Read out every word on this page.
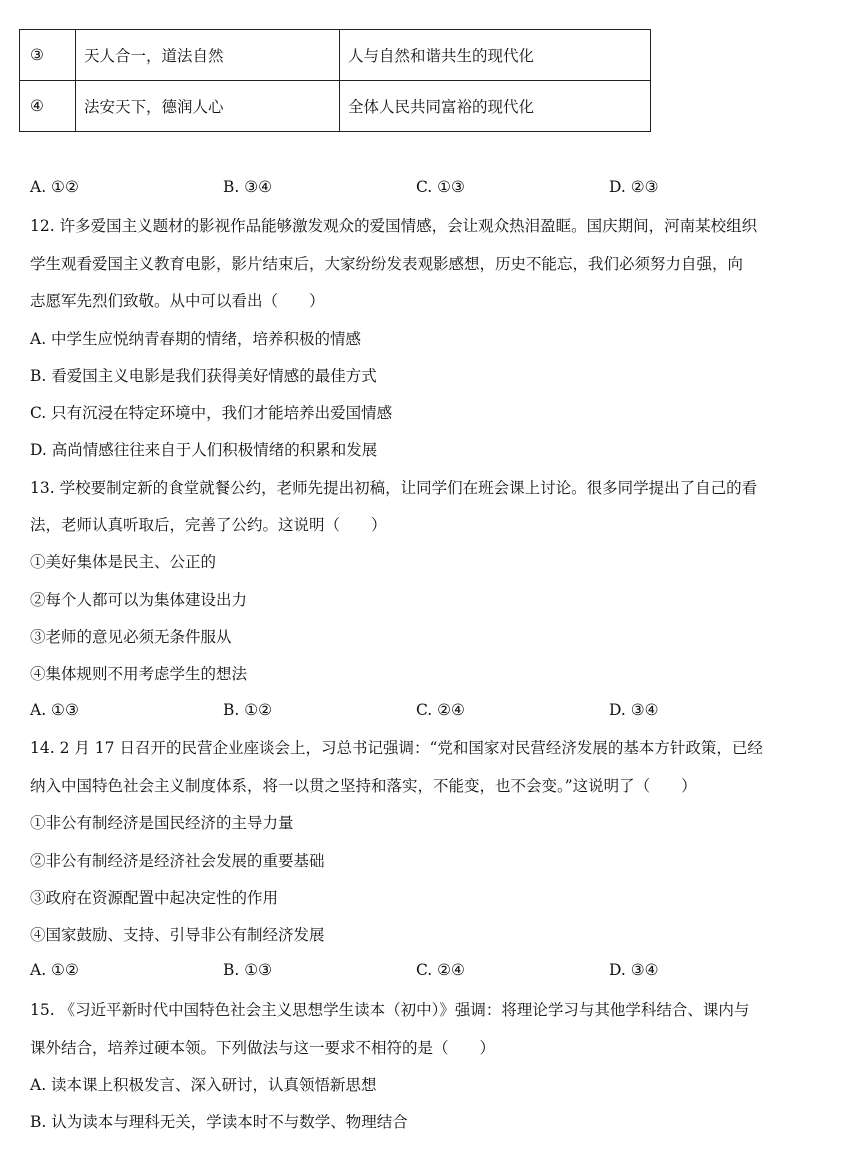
③	天人合一，道法自然	人与自然和谐共生的现代化
④	法安天下，德润人心	全体人民共同富裕的现代化
A. ①②	B. ③④	C. ①③	D. ②③
12. 许多爱国主义题材的影视作品能够激发观众的爱国情感，会让观众热泪盈眶。国庆期间，河南某校组织
学生观看爱国主义教育电影，影片结束后，大家纷纷发表观影感想，历史不能忘，我们必须努力自强，向
志愿军先烈们致敬。从中可以看出（　　）
A. 中学生应悦纳青春期的情绪，培养积极的情感
B. 看爱国主义电影是我们获得美好情感的最佳方式
C. 只有沉浸在特定环境中，我们才能培养出爱国情感
D. 高尚情感往往来自于人们积极情绪的积累和发展
13. 学校要制定新的食堂就餐公约，老师先提出初稿，让同学们在班会课上讨论。很多同学提出了自己的看
法，老师认真听取后，完善了公约。这说明（　　）
①美好集体是民主、公正的
②每个人都可以为集体建设出力
③老师的意见必须无条件服从
④集体规则不用考虑学生的想法
A. ①③	B. ①②	C. ②④	D. ③④
14. 2 月 17 日召开的民营企业座谈会上，习总书记强调：“党和国家对民营经济发展的基本方针政策，已经
纳入中国特色社会主义制度体系，将一以贯之坚持和落实，不能变，也不会变。”这说明了（　　）
①非公有制经济是国民经济的主导力量
②非公有制经济是经济社会发展的重要基础
③政府在资源配置中起决定性的作用
④国家鼓励、支持、引导非公有制经济发展
A. ①②	B. ①③	C. ②④	D. ③④
15. 《习近平新时代中国特色社会主义思想学生读本（初中）》强调：将理论学习与其他学科结合、课内与
课外结合，培养过硬本领。下列做法与这一要求不相符的是（　　）
A. 读本课上积极发言、深入研讨，认真领悟新思想
B. 认为读本与理科无关，学读本时不与数学、物理结合
